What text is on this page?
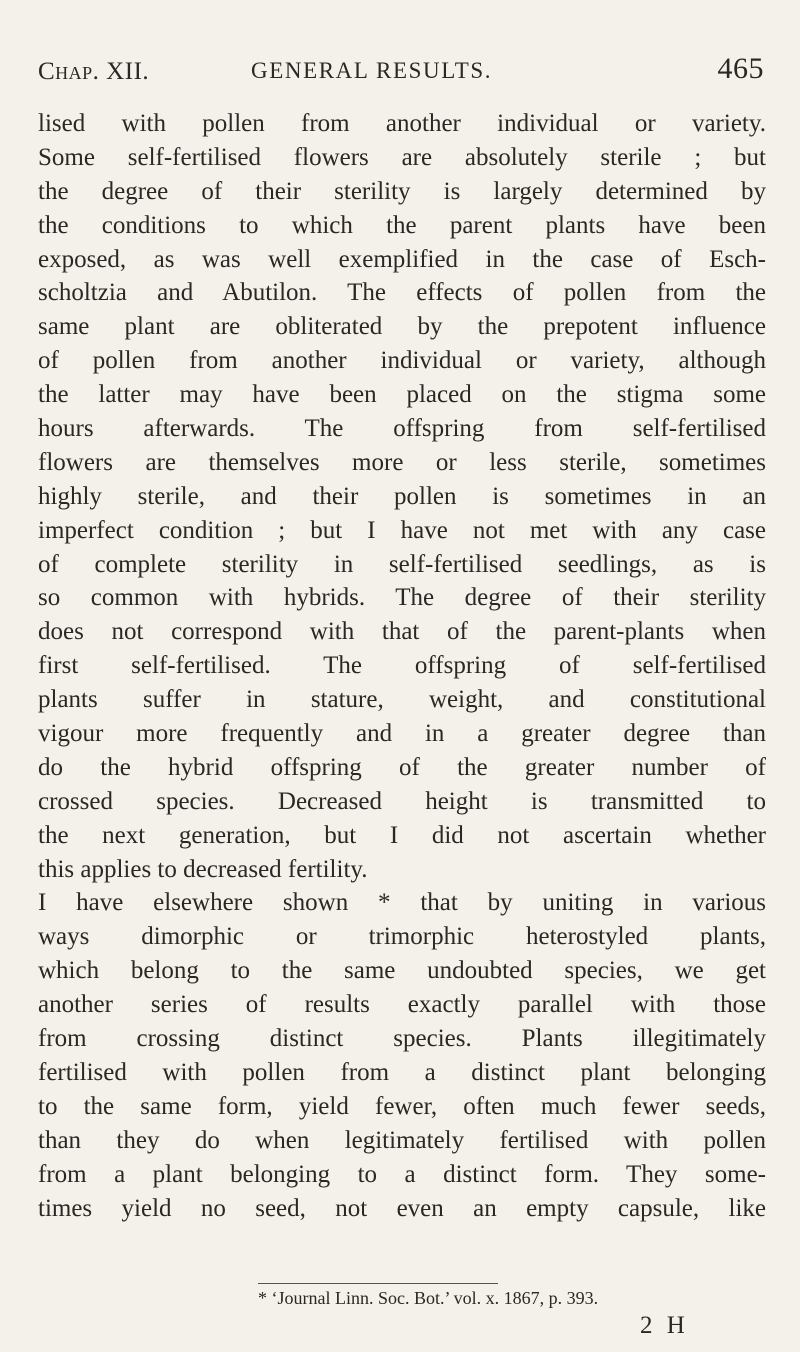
Chap. XII.	GENERAL RESULTS.	465
lised with pollen from another individual or variety.
Some self-fertilised flowers are absolutely sterile ; but
the degree of their sterility is largely determined by
the conditions to which the parent plants have been
exposed, as was well exemplified in the case of Esch-
scholtzia and Abutilon. The effects of pollen from the
same plant are obliterated by the prepotent influence
of pollen from another individual or variety, although
the latter may have been placed on the stigma some
hours afterwards. The offspring from self-fertilised
flowers are themselves more or less sterile, sometimes
highly sterile, and their pollen is sometimes in an
imperfect condition ; but I have not met with any case
of complete sterility in self-fertilised seedlings, as is
so common with hybrids. The degree of their sterility
does not correspond with that of the parent-plants when
first self-fertilised. The offspring of self-fertilised
plants suffer in stature, weight, and constitutional
vigour more frequently and in a greater degree than
do the hybrid offspring of the greater number of
crossed species. Decreased height is transmitted to
the next generation, but I did not ascertain whether
this applies to decreased fertility.
I have elsewhere shown * that by uniting in various
ways dimorphic or trimorphic heterostyled plants,
which belong to the same undoubted species, we get
another series of results exactly parallel with those
from crossing distinct species. Plants illegitimately
fertilised with pollen from a distinct plant belonging
to the same form, yield fewer, often much fewer seeds,
than they do when legitimately fertilised with pollen
from a plant belonging to a distinct form. They some-
times yield no seed, not even an empty capsule, like
* ‘Journal Linn. Soc. Bot.’ vol. x. 1867, p. 393.
2 H
